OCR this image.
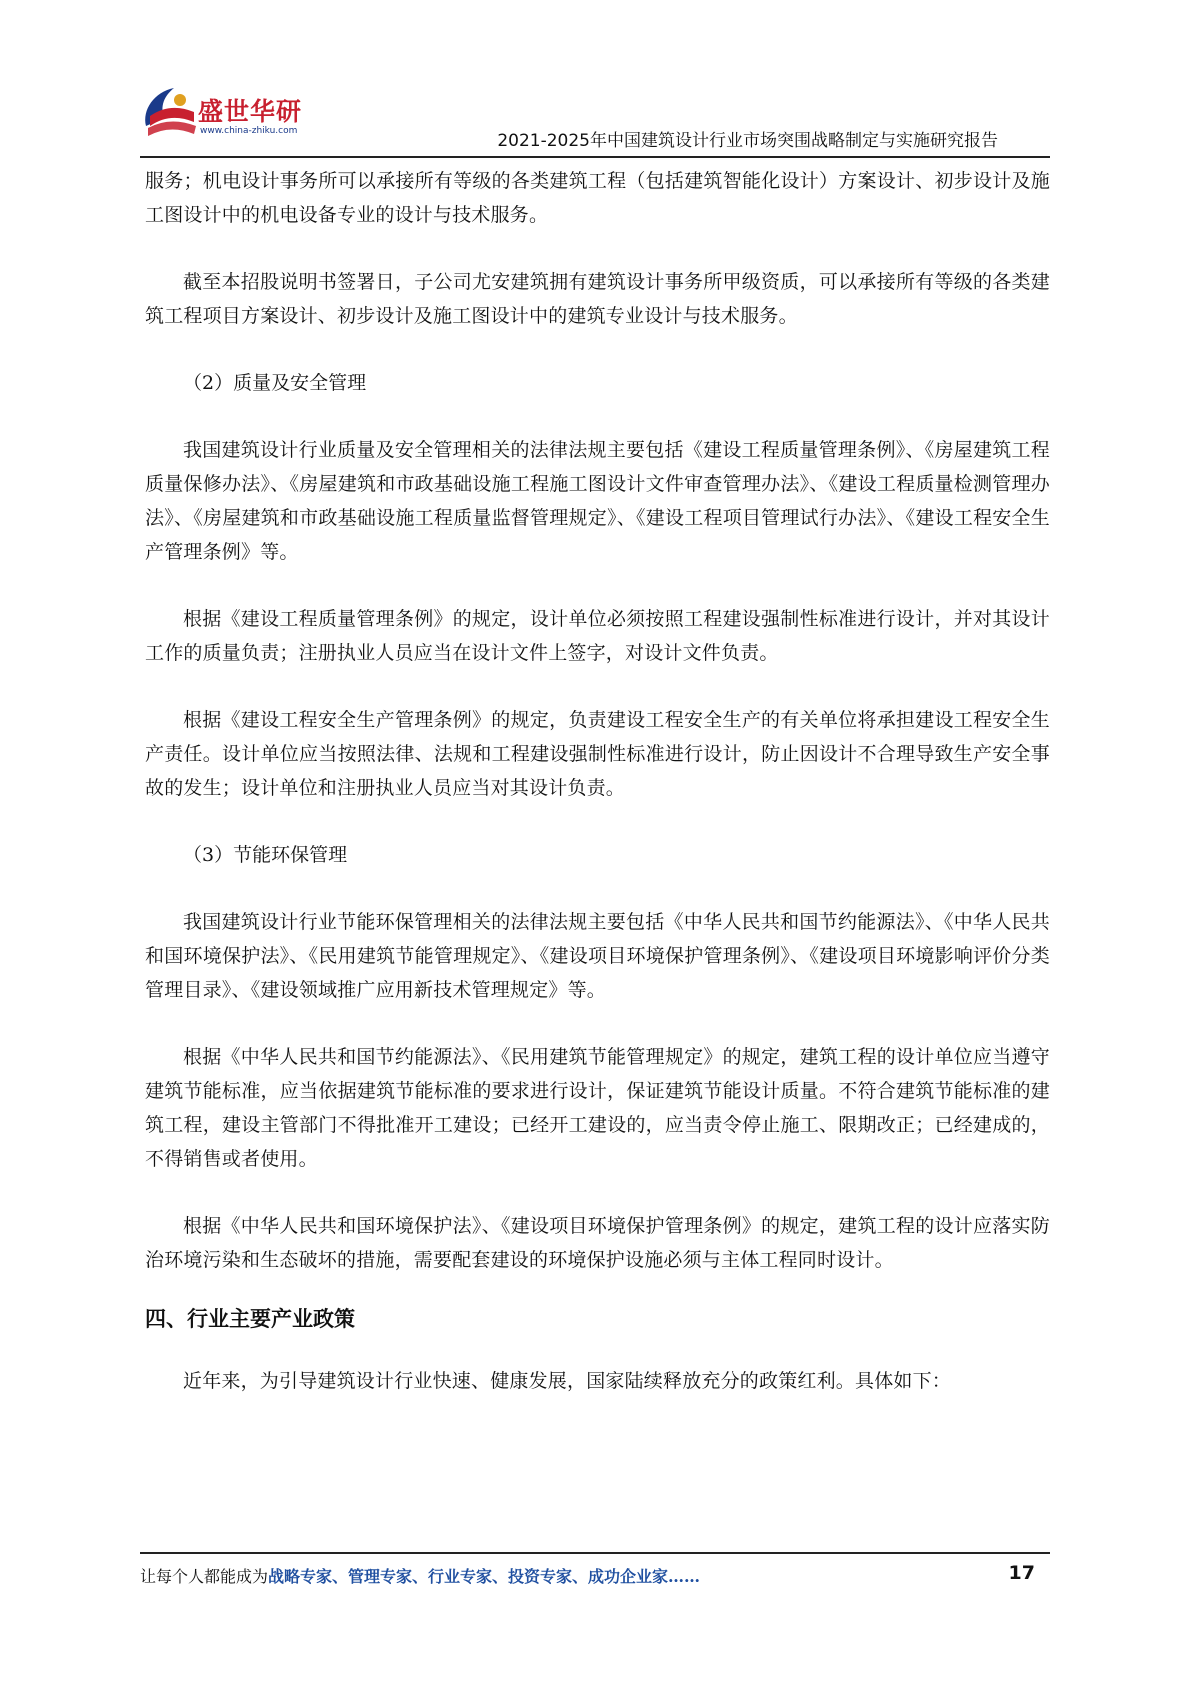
盛世华研
www.china-zhiku.com	2021-2025年中国建筑设计行业市场突围战略制定与实施研究报告

服务；机电设计事务所可以承接所有等级的各类建筑工程（包括建筑智能化设计）方案设计、初步设计及施工图设计中的机电设备专业的设计与技术服务。

截至本招股说明书签署日，子公司尤安建筑拥有建筑设计事务所甲级资质，可以承接所有等级的各类建筑工程项目方案设计、初步设计及施工图设计中的建筑专业设计与技术服务。

（2）质量及安全管理

我国建筑设计行业质量及安全管理相关的法律法规主要包括《建设工程质量管理条例》、《房屋建筑工程质量保修办法》、《房屋建筑和市政基础设施工程施工图设计文件审查管理办法》、《建设工程质量检测管理办法》、《房屋建筑和市政基础设施工程质量监督管理规定》、《建设工程项目管理试行办法》、《建设工程安全生产管理条例》等。

根据《建设工程质量管理条例》的规定，设计单位必须按照工程建设强制性标准进行设计，并对其设计工作的质量负责；注册执业人员应当在设计文件上签字，对设计文件负责。

根据《建设工程安全生产管理条例》的规定，负责建设工程安全生产的有关单位将承担建设工程安全生产责任。设计单位应当按照法律、法规和工程建设强制性标准进行设计，防止因设计不合理导致生产安全事故的发生；设计单位和注册执业人员应当对其设计负责。

（3）节能环保管理

我国建筑设计行业节能环保管理相关的法律法规主要包括《中华人民共和国节约能源法》、《中华人民共和国环境保护法》、《民用建筑节能管理规定》、《建设项目环境保护管理条例》、《建设项目环境影响评价分类管理目录》、《建设领域推广应用新技术管理规定》等。

根据《中华人民共和国节约能源法》、《民用建筑节能管理规定》的规定，建筑工程的设计单位应当遵守建筑节能标准，应当依据建筑节能标准的要求进行设计，保证建筑节能设计质量。不符合建筑节能标准的建筑工程，建设主管部门不得批准开工建设；已经开工建设的，应当责令停止施工、限期改正；已经建成的，不得销售或者使用。

根据《中华人民共和国环境保护法》、《建设项目环境保护管理条例》的规定，建筑工程的设计应落实防治环境污染和生态破坏的措施，需要配套建设的环境保护设施必须与主体工程同时设计。

四、行业主要产业政策

近年来，为引导建筑设计行业快速、健康发展，国家陆续释放充分的政策红利。具体如下：

让每个人都能成为战略专家、管理专家、行业专家、投资专家、成功企业家……	17
